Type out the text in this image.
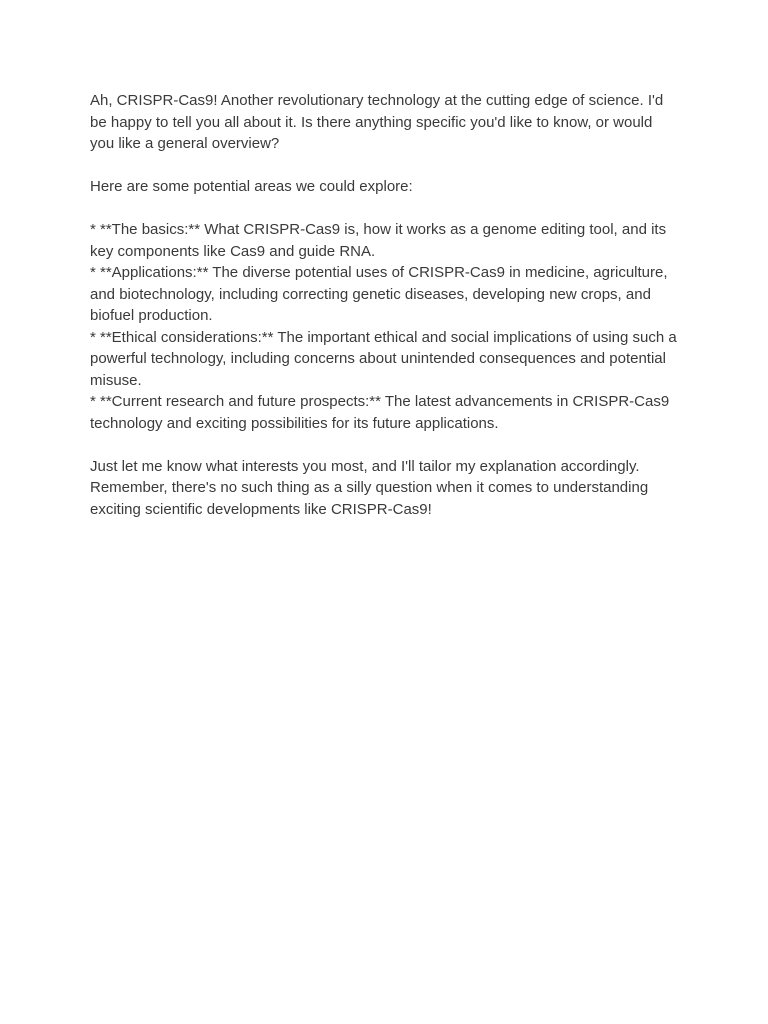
Ah, CRISPR-Cas9! Another revolutionary technology at the cutting edge of science. I'd be happy to tell you all about it. Is there anything specific you'd like to know, or would you like a general overview?

Here are some potential areas we could explore:

* **The basics:** What CRISPR-Cas9 is, how it works as a genome editing tool, and its key components like Cas9 and guide RNA.

* **Applications:** The diverse potential uses of CRISPR-Cas9 in medicine, agriculture, and biotechnology, including correcting genetic diseases, developing new crops, and biofuel production.

* **Ethical considerations:** The important ethical and social implications of using such a powerful technology, including concerns about unintended consequences and potential misuse.

* **Current research and future prospects:** The latest advancements in CRISPR-Cas9 technology and exciting possibilities for its future applications.

Just let me know what interests you most, and I'll tailor my explanation accordingly. Remember, there's no such thing as a silly question when it comes to understanding exciting scientific developments like CRISPR-Cas9!
